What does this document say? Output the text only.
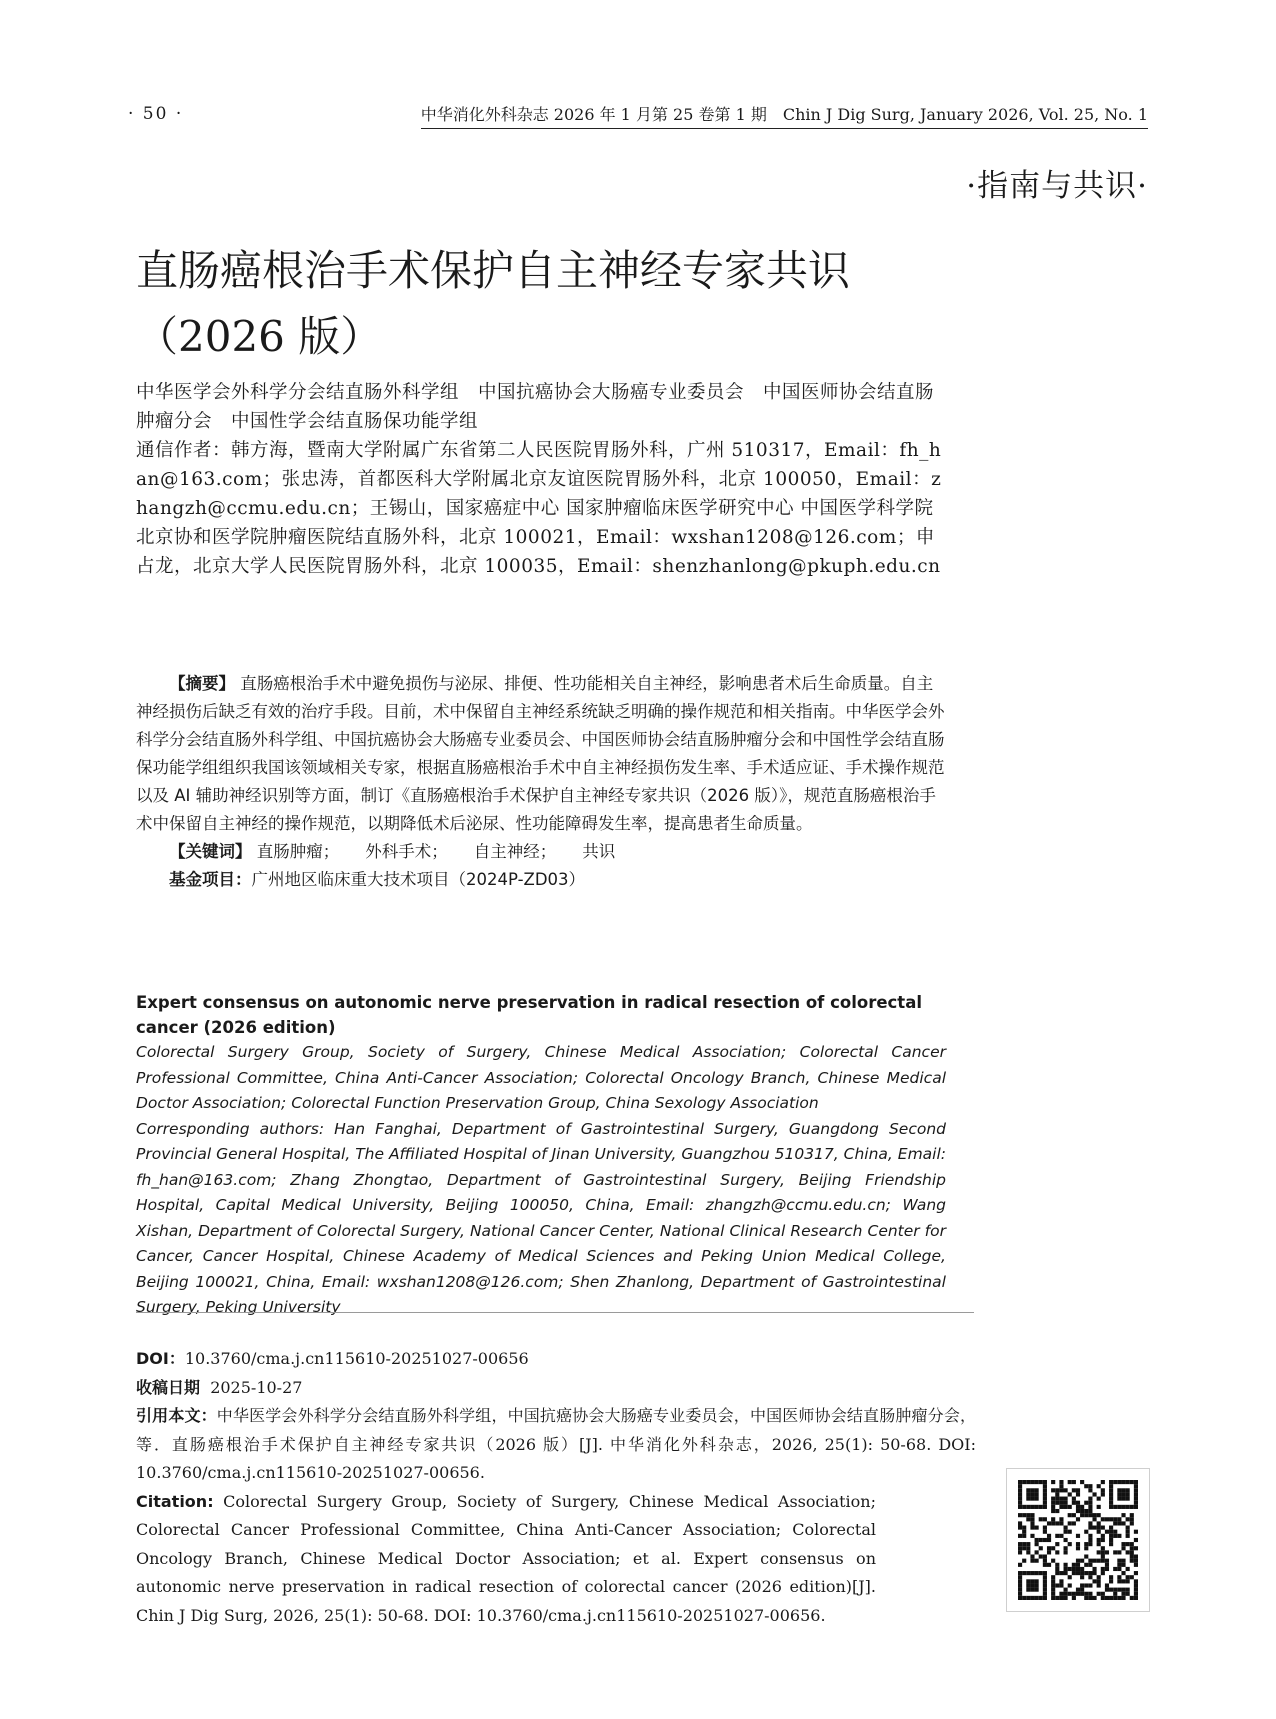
· 50 ·	中华消化外科杂志 2026 年 1 月第 25 卷第 1 期　Chin J Dig Surg, January 2026, Vol. 25, No. 1
·指南与共识·
直肠癌根治手术保护自主神经专家共识
（2026 版）

中华医学会外科学分会结直肠外科学组　中国抗癌协会大肠癌专业委员会　中国医师协会结直肠肿瘤分会　中国性学会结直肠保功能学组

通信作者：韩方海，暨南大学附属广东省第二人民医院胃肠外科，广州 510317，Email：fh_han@163.com；张忠涛，首都医科大学附属北京友谊医院胃肠外科，北京 100050，Email：zhangzh@ccmu.edu.cn；王锡山，国家癌症中心 国家肿瘤临床医学研究中心 中国医学科学院 北京协和医学院肿瘤医院结直肠外科，北京 100021，Email：wxshan1208@126.com；申占龙，北京大学人民医院胃肠外科，北京 100035，Email：shenzhanlong@pkuph.edu.cn

【摘要】 直肠癌根治手术中避免损伤与泌尿、排便、性功能相关自主神经，影响患者术后生命质量。自主神经损伤后缺乏有效的治疗手段。目前，术中保留自主神经系统缺乏明确的操作规范和相关指南。中华医学会外科学分会结直肠外科学组、中国抗癌协会大肠癌专业委员会、中国医师协会结直肠肿瘤分会和中国性学会结直肠保功能学组组织我国该领域相关专家，根据直肠癌根治手术中自主神经损伤发生率、手术适应证、手术操作规范以及 AI 辅助神经识别等方面，制订《直肠癌根治手术保护自主神经专家共识（2026 版）》，规范直肠癌根治手术中保留自主神经的操作规范，以期降低术后泌尿、性功能障碍发生率，提高患者生命质量。

【关键词】 直肠肿瘤； 外科手术； 自主神经； 共识

基金项目：广州地区临床重大技术项目（2024P-ZD03）

Expert consensus on autonomic nerve preservation in radical resection of colorectal cancer (2026 edition)

Colorectal Surgery Group, Society of Surgery, Chinese Medical Association; Colorectal Cancer Professional Committee, China Anti-Cancer Association; Colorectal Oncology Branch, Chinese Medical Doctor Association; Colorectal Function Preservation Group, China Sexology Association

Corresponding authors: Han Fanghai, Department of Gastrointestinal Surgery, Guangdong Second Provincial General Hospital, The Affiliated Hospital of Jinan University, Guangzhou 510317, China, Email: fh_han@163.com; Zhang Zhongtao, Department of Gastrointestinal Surgery, Beijing Friendship Hospital, Capital Medical University, Beijing 100050, China, Email: zhangzh@ccmu.edu.cn; Wang Xishan, Department of Colorectal Surgery, National Cancer Center, National Clinical Research Center for Cancer, Cancer Hospital, Chinese Academy of Medical Sciences and Peking Union Medical College, Beijing 100021, China, Email: wxshan1208@126.com; Shen Zhanlong, Department of Gastrointestinal Surgery, Peking University

DOI：10.3760/cma.j.cn115610-20251027-00656

收稿日期 2025-10-27

引用本文：中华医学会外科学分会结直肠外科学组，中国抗癌协会大肠癌专业委员会，中国医师协会结直肠肿瘤分会，等．直肠癌根治手术保护自主神经专家共识（2026 版）[J]. 中华消化外科杂志，2026, 25(1): 50-68. DOI: 10.3760/cma.j.cn115610-20251027-00656.

Citation: Colorectal Surgery Group, Society of Surgery, Chinese Medical Association; Colorectal Cancer Professional Committee, China Anti-Cancer Association; Colorectal Oncology Branch, Chinese Medical Doctor Association; et al. Expert consensus on autonomic nerve preservation in radical resection of colorectal cancer (2026 edition)[J]. Chin J Dig Surg, 2026, 25(1): 50-68. DOI: 10.3760/cma.j.cn115610-20251027-00656.
